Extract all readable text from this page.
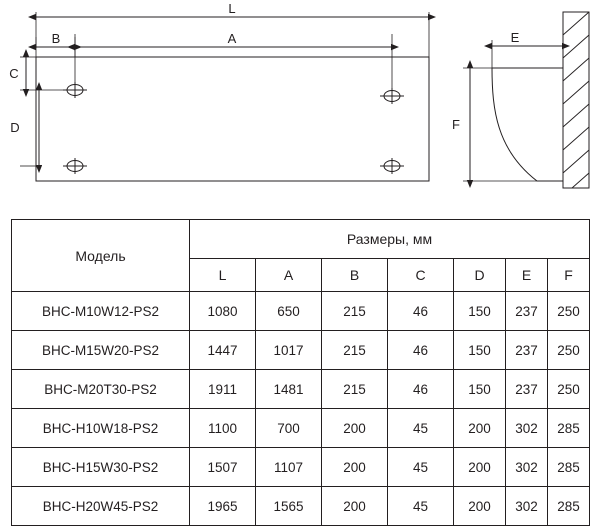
L
A
B
C
D
E
F
Модель	Размеры, мм						
	L	A	B	C	D	E	F
BHC-M10W12-PS2	1080	650	215	46	150	237	250
BHC-M15W20-PS2	1447	1017	215	46	150	237	250
BHC-M20T30-PS2	1911	1481	215	46	150	237	250
BHC-H10W18-PS2	1100	700	200	45	200	302	285
BHC-H15W30-PS2	1507	1107	200	45	200	302	285
BHC-H20W45-PS2	1965	1565	200	45	200	302	285
